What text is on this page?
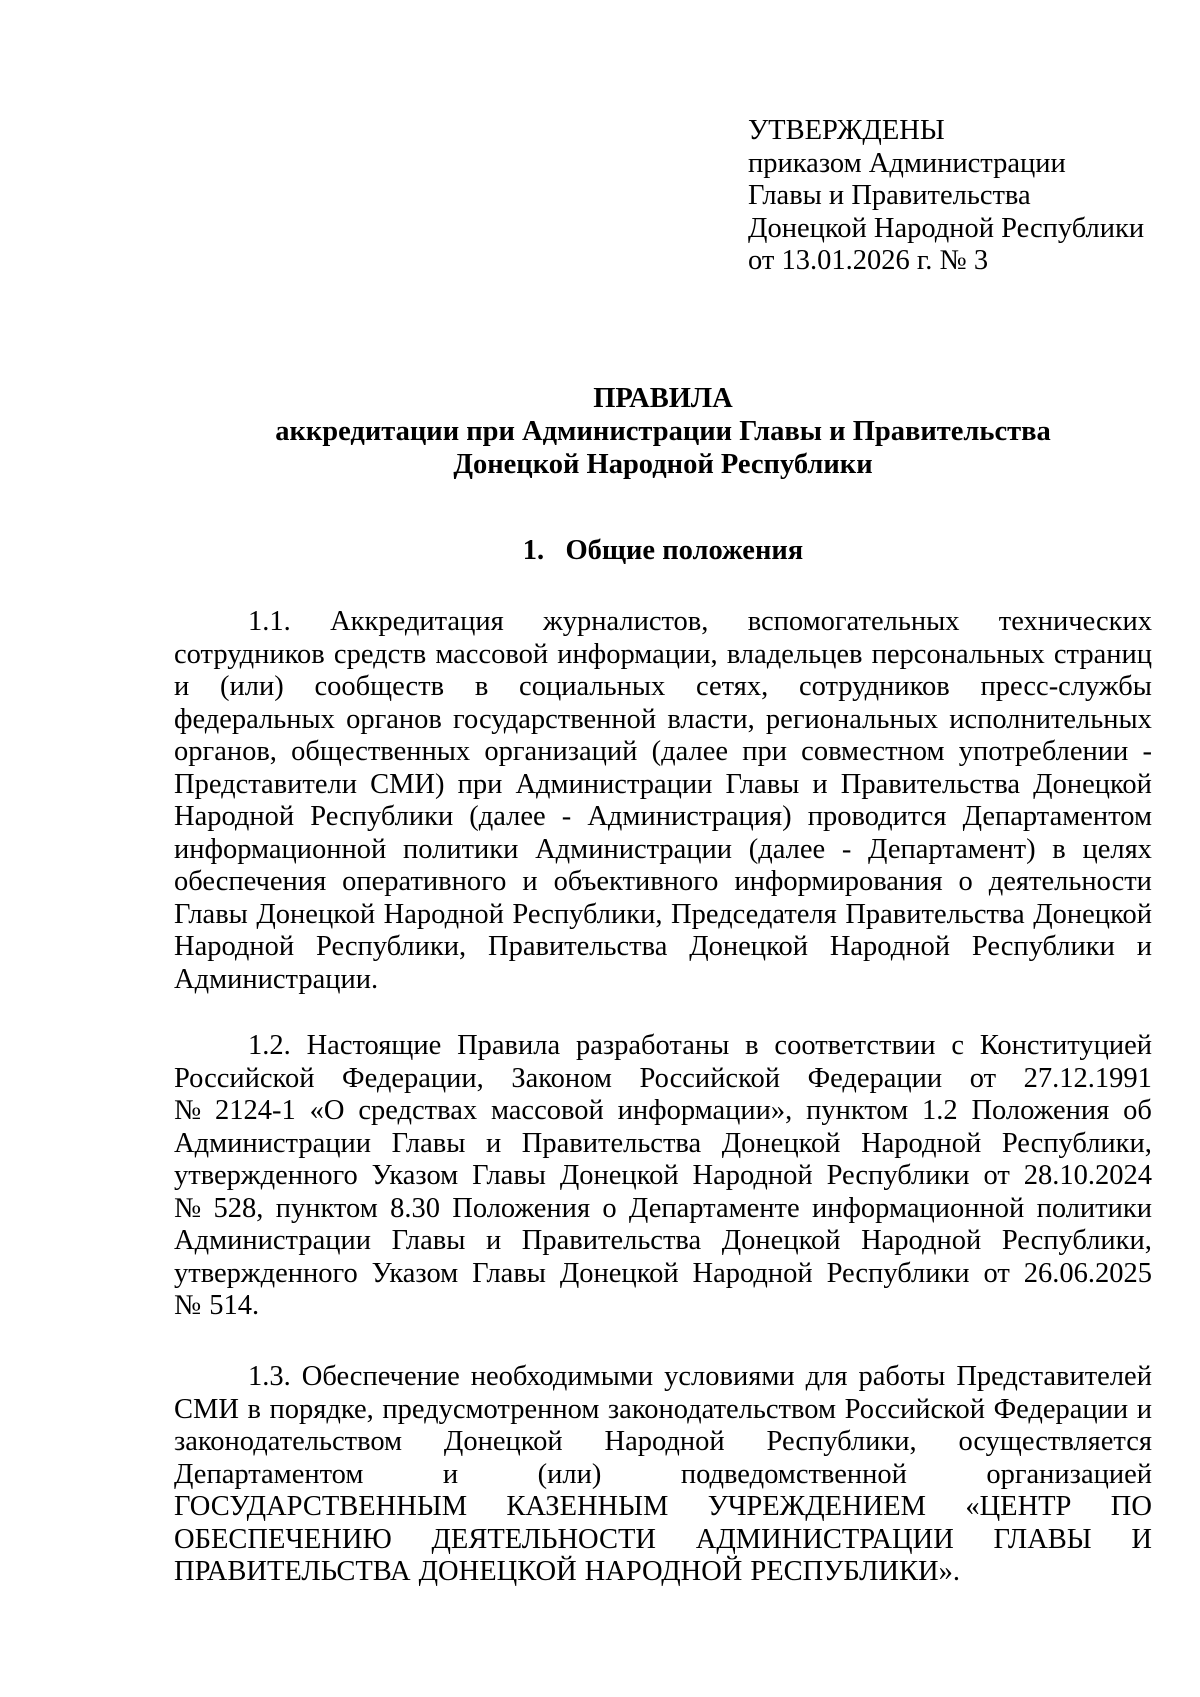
УТВЕРЖДЕНЫ
приказом Администрации
Главы и Правительства
Донецкой Народной Республики
от 13.01.2026 г. № 3
ПРАВИЛА
аккредитации при Администрации Главы и Правительства
Донецкой Народной Республики
1.   Общие положения
1.1. Аккредитация журналистов, вспомогательных технических
сотрудников средств массовой информации, владельцев персональных страниц
и (или) сообществ в социальных сетях, сотрудников пресс-службы
федеральных органов государственной власти, региональных исполнительных
органов, общественных организаций (далее при совместном употреблении -
Представители СМИ) при Администрации Главы и Правительства Донецкой
Народной Республики (далее - Администрация) проводится Департаментом
информационной политики Администрации (далее - Департамент) в целях
обеспечения оперативного и объективного информирования о деятельности
Главы Донецкой Народной Республики, Председателя Правительства Донецкой
Народной Республики, Правительства Донецкой Народной Республики и
Администрации.
1.2. Настоящие Правила разработаны в соответствии с Конституцией
Российской Федерации, Законом Российской Федерации от 27.12.1991
№ 2124-1 «О средствах массовой информации», пунктом 1.2 Положения об
Администрации Главы и Правительства Донецкой Народной Республики,
утвержденного Указом Главы Донецкой Народной Республики от 28.10.2024
№ 528, пунктом 8.30 Положения о Департаменте информационной политики
Администрации Главы и Правительства Донецкой Народной Республики,
утвержденного Указом Главы Донецкой Народной Республики от 26.06.2025
№ 514.
1.3. Обеспечение необходимыми условиями для работы Представителей
СМИ в порядке, предусмотренном законодательством Российской Федерации и
законодательством Донецкой Народной Республики, осуществляется
Департаментом	и	(или)	подведомственной	организацией
ГОСУДАРСТВЕННЫМ КАЗЕННЫМ УЧРЕЖДЕНИЕМ «ЦЕНТР ПО
ОБЕСПЕЧЕНИЮ ДЕЯТЕЛЬНОСТИ АДМИНИСТРАЦИИ ГЛАВЫ И
ПРАВИТЕЛЬСТВА ДОНЕЦКОЙ НАРОДНОЙ РЕСПУБЛИКИ».
